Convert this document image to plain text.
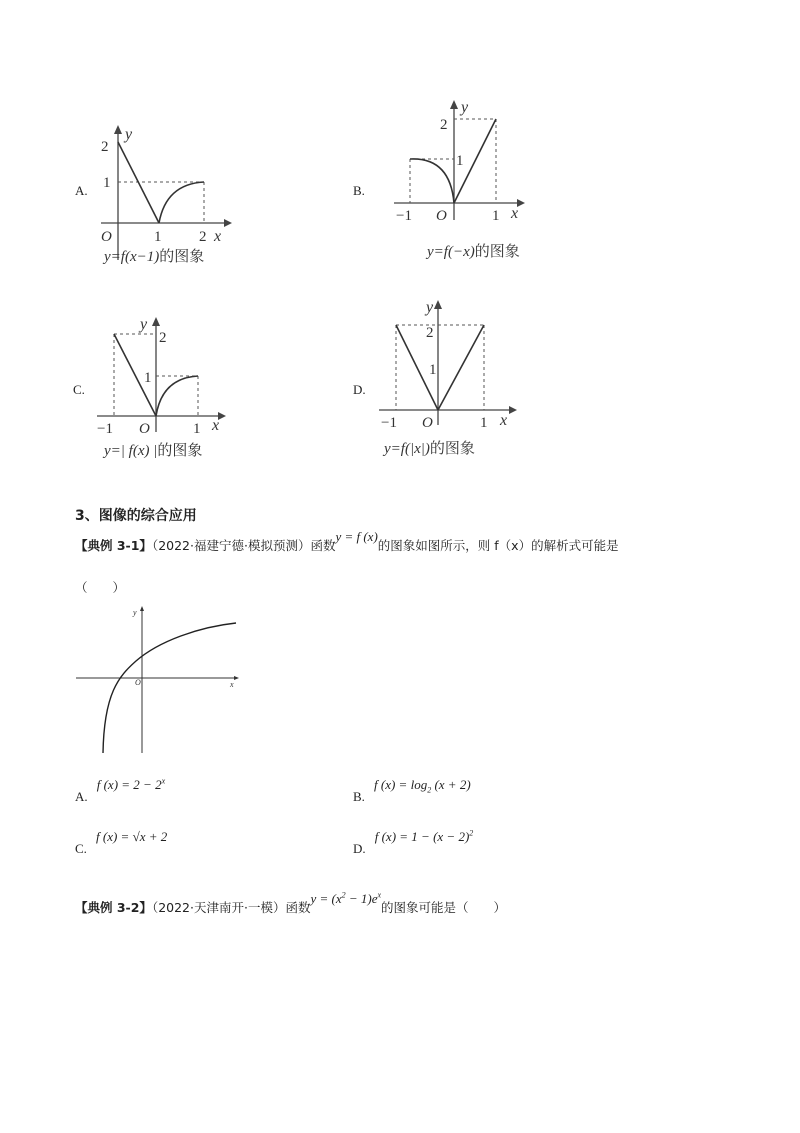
A.
2
1
O	1	2 x
y
y=f(x−1)的图象
B.
2
1
−1 O	1 x
y
y=f(−x)的图象
C.
2
1
−1 O	1 x
y
y=| f(x) |的图象
D.
2
1
−1 O	1 x
y
y=f(|x|)的图象
3、图像的综合应用
【典例 3-1】（2022·福建宁德·模拟预测）函数y = f (x)的图象如图所示，则 f（x）的解析式可能是
（　　）
O	x
y
A. $^{f (x) = 2 - 2^x}$
B. $^{f (x) = log_2 (x + 2)}$
C. $^{f (x) = √x + 2}$
D. $^{f (x) = 1 - (x - 2)^2}$
【典例 3-2】（2022·天津南开·一模）函数$y = (x^2 - 1)e^x$的图象可能是（　　）
